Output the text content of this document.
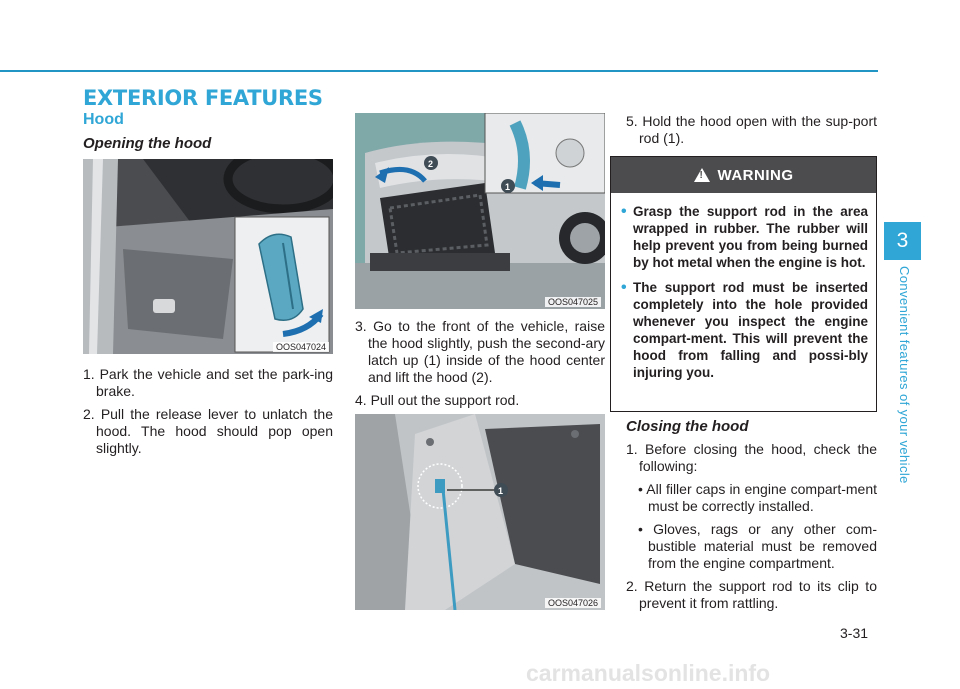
EXTERIOR FEATURES
Hood
Opening the hood
OOS047024
1. Park the vehicle and set the park-ing brake.
2. Pull the release lever to unlatch the hood. The hood should pop open slightly.
2
1
OOS047025
3. Go to the front of the vehicle, raise the hood slightly, push the second-ary latch up (1) inside of the hood center and lift the hood (2).
4. Pull out the support rod.
1
OOS047026
5. Hold the hood open with the sup-port rod (1).
! WARNING
• Grasp the support rod in the area wrapped in rubber. The rubber will help prevent you from being burned by hot metal when the engine is hot.
• The support rod must be inserted completely into the hole provided whenever you inspect the engine compart-ment. This will prevent the hood from falling and possi-bly injuring you.
Closing the hood
1. Before closing the hood, check the following:
• All filler caps in engine compart-ment must be correctly installed.
• Gloves, rags or any other com-bustible material must be removed from the engine compartment.
2. Return the support rod to its clip to prevent it from rattling.
3
Convenient features of your vehicle
3-31
carmanualsonline.info
